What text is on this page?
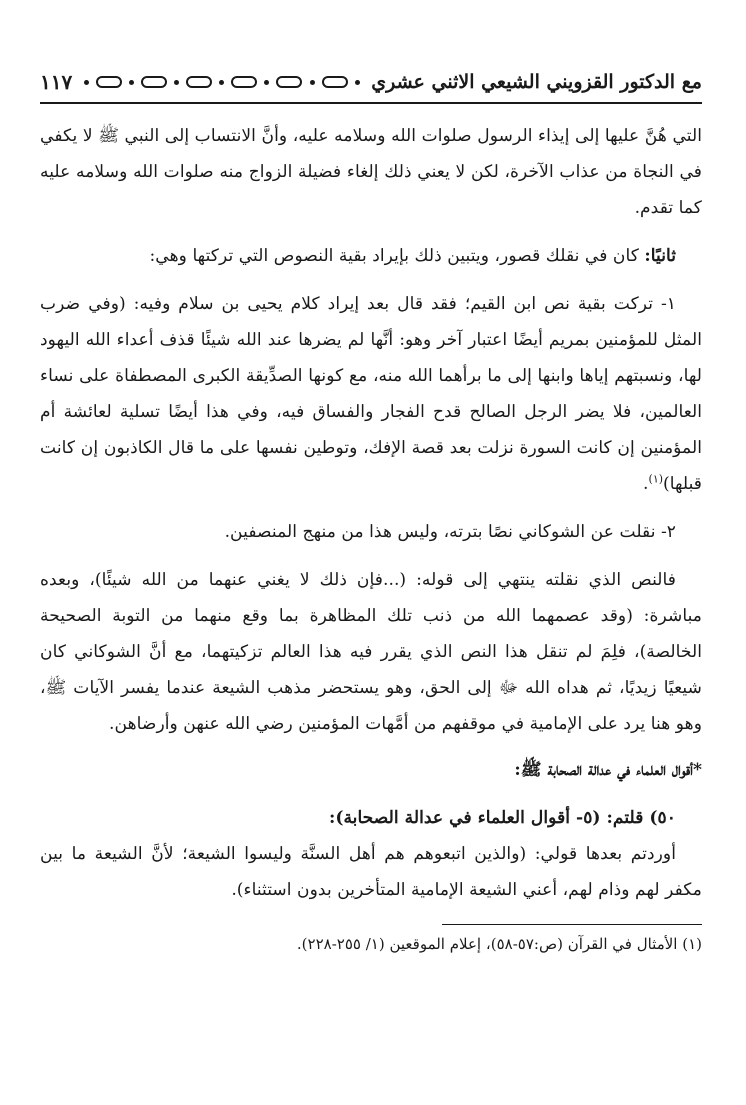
مع الدكتور القزويني الشيعي الاثني عشري
١١٧

التي هُنَّ عليها إلى إيذاء الرسول صلوات الله وسلامه عليه، وأنَّ الانتساب إلى النبي ﷺ لا يكفي في النجاة من عذاب الآخرة، لكن لا يعني ذلك إلغاء فضيلة الزواج منه صلوات الله وسلامه عليه كما تقدم.

ثانيًا: كان في نقلك قصور، ويتبين ذلك بإيراد بقية النصوص التي تركتها وهي:

١- تركت بقية نص ابن القيم؛ فقد قال بعد إيراد كلام يحيى بن سلام وفيه: (وفي ضرب المثل للمؤمنين بمريم أيضًا اعتبار آخر وهو: أنَّها لم يضرها عند الله شيئًا قذف أعداء الله اليهود لها، ونسبتهم إياها وابنها إلى ما برأهما الله منه، مع كونها الصدِّيقة الكبرى المصطفاة على نساء العالمين، فلا يضر الرجل الصالح قدح الفجار والفساق فيه، وفي هذا أيضًا تسلية لعائشة أم المؤمنين إن كانت السورة نزلت بعد قصة الإفك، وتوطين نفسها على ما قال الكاذبون إن كانت قبلها)$^{(١)}$.

٢- نقلت عن الشوكاني نصًا بترته، وليس هذا من منهج المنصفين.

فالنص الذي نقلته ينتهي إلى قوله: (...فإن ذلك لا يغني عنهما من الله شيئًا)، وبعده مباشرة: (وقد عصمهما الله من ذنب تلك المظاهرة بما وقع منهما من التوبة الصحيحة الخالصة)، فلِمَ لم تنقل هذا النص الذي يقرر فيه هذا العالم تزكيتهما، مع أنَّ الشوكاني كان شيعيًا زيديًا، ثم هداه الله ﷻ إلى الحق، وهو يستحضر مذهب الشيعة عندما يفسر الآيات ﷺ، وهو هنا يرد على الإمامية في موقفهم من أمَّهات المؤمنين رضي الله عنهن وأرضاهن.

*أقوال العلماء في عدالة الصحابة ﷺ:

٥٠) قلتم: (٥- أقوال العلماء في عدالة الصحابة):

أوردتم بعدها قولي: (والذين اتبعوهم هم أهل السنَّة وليسوا الشيعة؛ لأنَّ الشيعة ما بين مكفر لهم وذام لهم، أعني الشيعة الإمامية المتأخرين بدون استثناء).

(١) الأمثال في القرآن (ص:٥٧-٥٨)، إعلام الموقعين (١/ ٢٥٥-٢٢٨).
